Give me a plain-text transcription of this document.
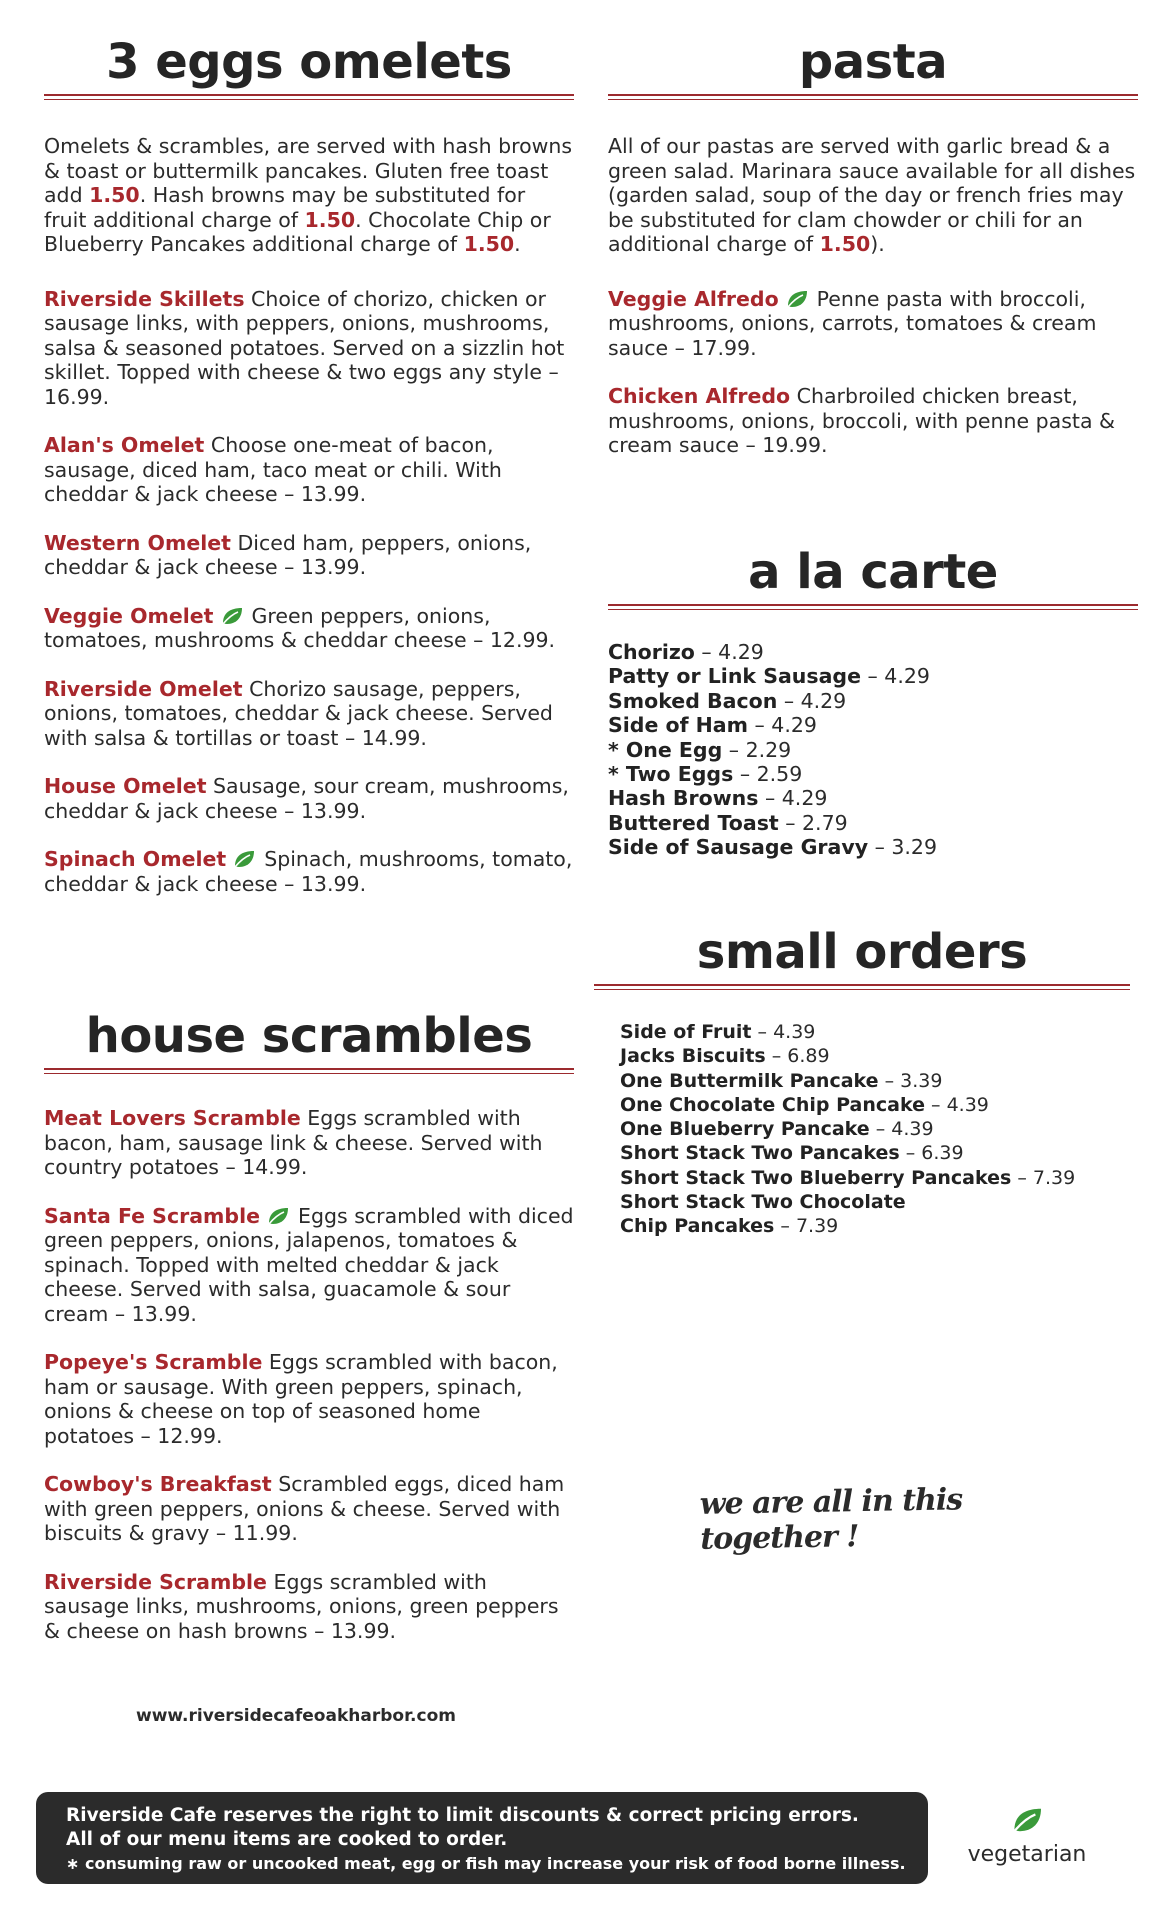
3 eggs omelets
Omelets & scrambles, are served with hash browns & toast or buttermilk pancakes. Gluten free toast add 1.50. Hash browns may be substituted for fruit additional charge of 1.50. Chocolate Chip or Blueberry Pancakes additional charge of 1.50.
Riverside Skillets Choice of chorizo, chicken or sausage links, with peppers, onions, mushrooms, salsa & seasoned potatoes. Served on a sizzlin hot skillet. Topped with cheese & two eggs any style – 16.99.
Alan's Omelet Choose one-meat of bacon, sausage, diced ham, taco meat or chili. With cheddar & jack cheese – 13.99.
Western Omelet Diced ham, peppers, onions, cheddar & jack cheese – 13.99.
Veggie Omelet Green peppers, onions, tomatoes, mushrooms & cheddar cheese – 12.99.
Riverside Omelet Chorizo sausage, peppers, onions, tomatoes, cheddar & jack cheese. Served with salsa & tortillas or toast – 14.99.
House Omelet Sausage, sour cream, mushrooms, cheddar & jack cheese – 13.99.
Spinach Omelet Spinach, mushrooms, tomato, cheddar & jack cheese – 13.99.
house scrambles
Meat Lovers Scramble Eggs scrambled with bacon, ham, sausage link & cheese. Served with country potatoes – 14.99.
Santa Fe Scramble Eggs scrambled with diced green peppers, onions, jalapenos, tomatoes & spinach. Topped with melted cheddar & jack cheese. Served with salsa, guacamole & sour cream – 13.99.
Popeye's Scramble Eggs scrambled with bacon, ham or sausage. With green peppers, spinach, onions & cheese on top of seasoned home potatoes – 12.99.
Cowboy's Breakfast Scrambled eggs, diced ham with green peppers, onions & cheese. Served with biscuits & gravy – 11.99.
Riverside Scramble Eggs scrambled with sausage links, mushrooms, onions, green peppers & cheese on hash browns – 13.99.
pasta
All of our pastas are served with garlic bread & a green salad. Marinara sauce available for all dishes (garden salad, soup of the day or french fries may be substituted for clam chowder or chili for an additional charge of 1.50).
Veggie Alfredo Penne pasta with broccoli, mushrooms, onions, carrots, tomatoes & cream sauce – 17.99.
Chicken Alfredo Charbroiled chicken breast, mushrooms, onions, broccoli, with penne pasta & cream sauce – 19.99.
a la carte
Chorizo – 4.29
Patty or Link Sausage – 4.29
Smoked Bacon – 4.29
Side of Ham – 4.29
* One Egg – 2.29
* Two Eggs – 2.59
Hash Browns – 4.29
Buttered Toast – 2.79
Side of Sausage Gravy – 3.29
small orders
Side of Fruit – 4.39
Jacks Biscuits – 6.89
One Buttermilk Pancake – 3.39
One Chocolate Chip Pancake – 4.39
One Blueberry Pancake – 4.39
Short Stack Two Pancakes – 6.39
Short Stack Two Blueberry Pancakes – 7.39
Short Stack Two Chocolate
Chip Pancakes – 7.39
we are all in this together !
www.riversidecafeoakharbor.com
Riverside Cafe reserves the right to limit discounts & correct pricing errors.
All of our menu items are cooked to order.
∗ consuming raw or uncooked meat, egg or fish may increase your risk of food borne illness.	vegetarian
